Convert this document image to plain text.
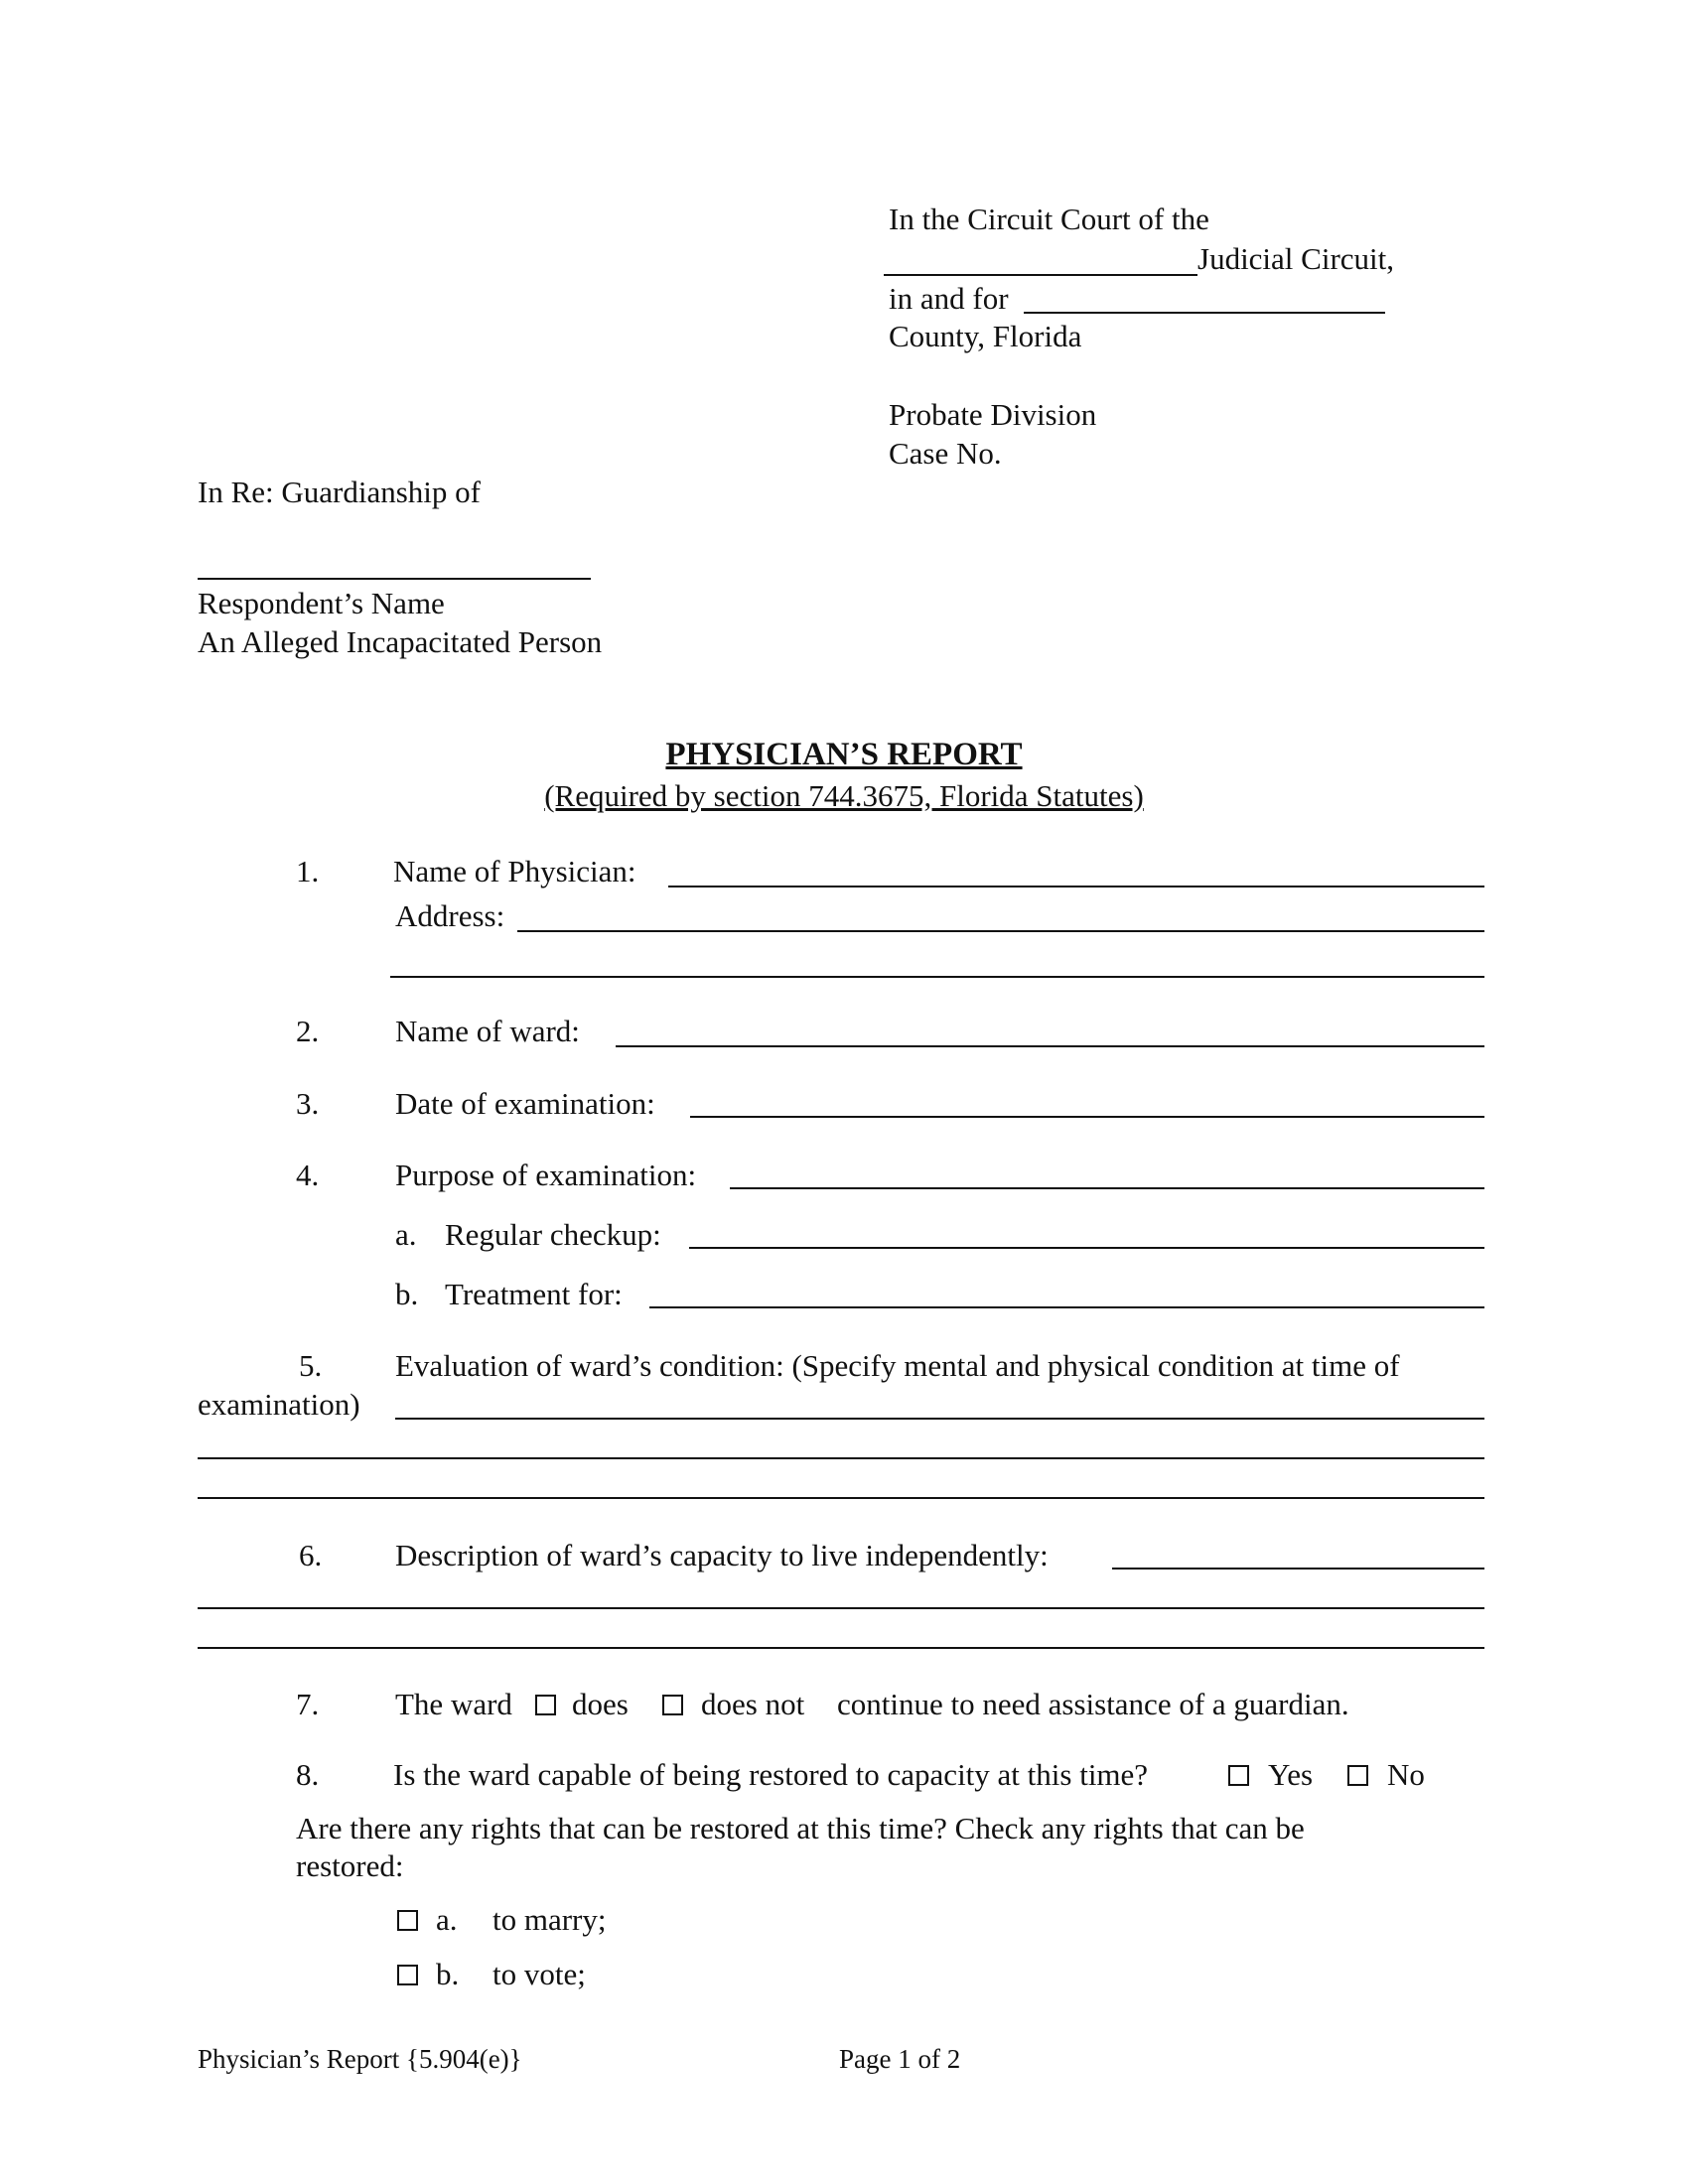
In the Circuit Court of the
Judicial Circuit,
in and for
County, Florida
Probate Division
Case No.
In Re: Guardianship of
Respondent’s Name
An Alleged Incapacitated Person
PHYSICIAN’S REPORT
(Required by section 744.3675, Florida Statutes)
1. Name of Physician:
Address:
2. Name of ward:
3. Date of examination:
4. Purpose of examination:
a. Regular checkup:
b. Treatment for:
5. Evaluation of ward’s condition: (Specify mental and physical condition at time of
examination)
6. Description of ward’s capacity to live independently:
7. The ward does does not continue to need assistance of a guardian.
8. Is the ward capable of being restored to capacity at this time?	Yes No
Are there any rights that can be restored at this time? Check any rights that can be
restored:
a. to marry;
b. to vote;
Physician’s Report {5.904(e)}	Page 1 of 2
